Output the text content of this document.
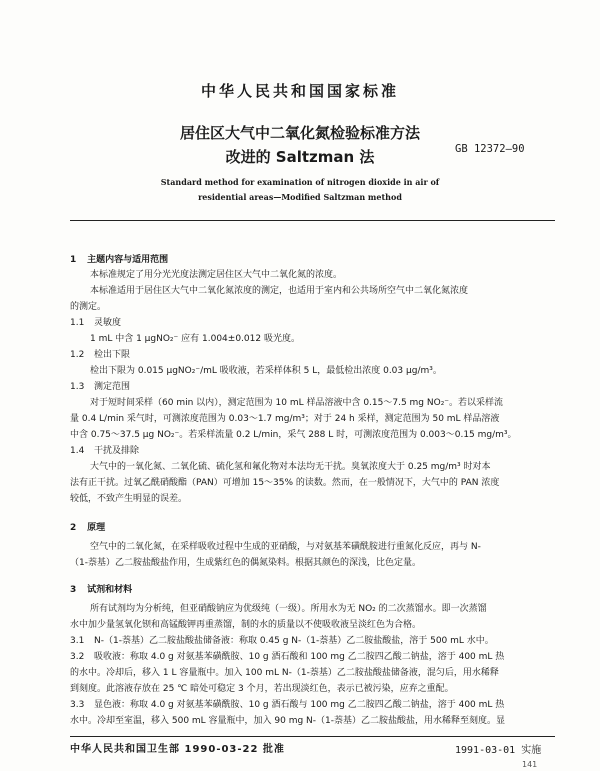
中华人民共和国国家标准
居住区大气中二氧化氮检验标准方法
改进的 Saltzman 法	GB 12372—90
Standard method for examination of nitrogen dioxide in air of
residential areas—Modified Saltzman method
1 主题内容与适用范围
本标准规定了用分光光度法测定居住区大气中二氧化氮的浓度。
本标准适用于居住区大气中二氧化氮浓度的测定，也适用于室内和公共场所空气中二氧化氮浓度
的测定。
1.1 灵敏度
1 mL 中含 1 μgNO₂⁻ 应有 1.004±0.012 吸光度。
1.2 检出下限
检出下限为 0.015 μgNO₂⁻/mL 吸收液，若采样体积 5 L，最低检出浓度 0.03 μg/m³。
1.3 测定范围
对于短时间采样（60 min 以内），测定范围为 10 mL 样品溶液中含 0.15～7.5 mg NO₂⁻。若以采样流
量 0.4 L/min 采气时，可测浓度范围为 0.03～1.7 mg/m³；对于 24 h 采样，测定范围为 50 mL 样品溶液
中含 0.75～37.5 μg NO₂⁻。若采样流量 0.2 L/min，采气 288 L 时，可测浓度范围为 0.003～0.15 mg/m³。
1.4 干扰及排除
大气中的一氧化氮、二氧化硫、硫化氢和氟化物对本法均无干扰。臭氧浓度大于 0.25 mg/m³ 时对本
法有正干扰。过氧乙酰硝酸酯（PAN）可增加 15～35% 的读数。然而，在一般情况下，大气中的 PAN 浓度
较低，不致产生明显的误差。
2 原理
空气中的二氧化氮，在采样吸收过程中生成的亚硝酸，与对氨基苯磺酰胺进行重氮化反应，再与 N-
（1-萘基）乙二胺盐酸盐作用，生成紫红色的偶氮染料。根据其颜色的深浅，比色定量。
3 试剂和材料
所有试剂均为分析纯，但亚硝酸钠应为优级纯（一级）。所用水为无 NO₂ 的二次蒸馏水。即一次蒸馏
水中加少量氢氧化钡和高锰酸钾再重蒸馏，制的水的质量以不使吸收液呈淡红色为合格。
3.1 N-（1-萘基）乙二胺盐酸盐储备液：称取 0.45 g N-（1-萘基）乙二胺盐酸盐，溶于 500 mL 水中。
3.2 吸收液：称取 4.0 g 对氨基苯磺酰胺、10 g 酒石酸和 100 mg 乙二胺四乙酸二钠盐，溶于 400 mL 热
的水中。冷却后，移入 1 L 容量瓶中。加入 100 mL N-（1-萘基）乙二胺盐酸盐储备液，混匀后，用水稀释
到刻度。此溶液存放在 25 ℃ 暗处可稳定 3 个月，若出现淡红色，表示已被污染，应弃之重配。
3.3 显色液：称取 4.0 g 对氨基苯磺酰胺、10 g 酒石酸与 100 mg 乙二胺四乙酸二钠盐，溶于 400 mL 热
水中。冷却至室温，移入 500 mL 容量瓶中，加入 90 mg N-（1-萘基）乙二胺盐酸盐，用水稀释至刻度。显
中华人民共和国卫生部 1990-03-22 批准	1991-03-01 实施
141
